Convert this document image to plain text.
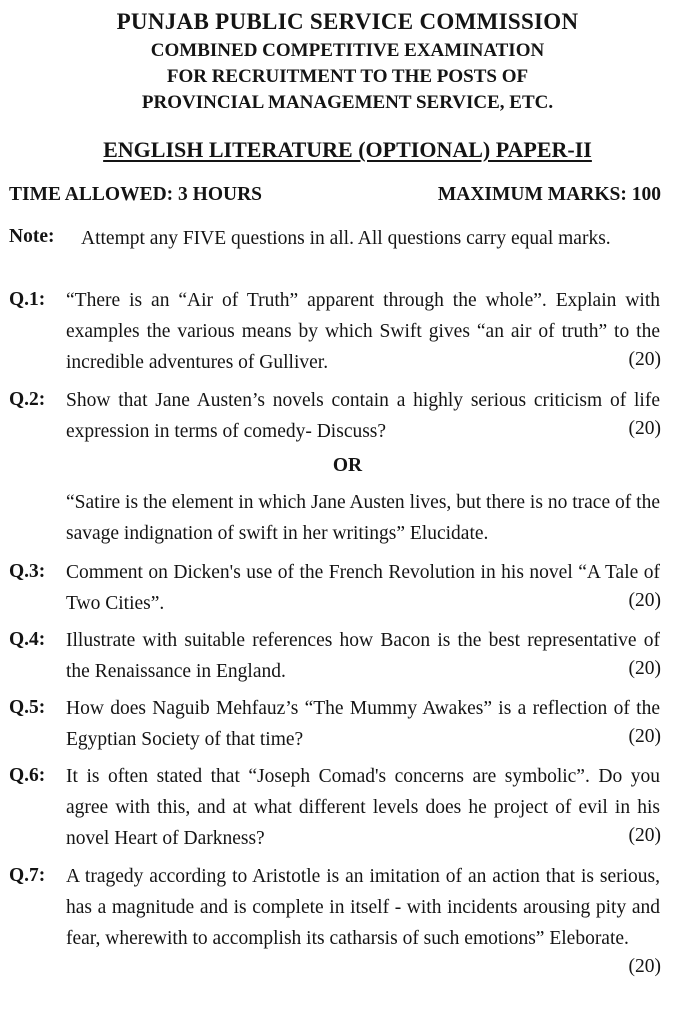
PUNJAB PUBLIC SERVICE COMMISSION
COMBINED COMPETITIVE EXAMINATION
FOR RECRUITMENT TO THE POSTS OF
PROVINCIAL MANAGEMENT SERVICE, ETC.
ENGLISH LITERATURE (OPTIONAL) PAPER-II
TIME ALLOWED: 3 HOURS	MAXIMUM MARKS: 100
Note: Attempt any FIVE questions in all. All questions carry equal marks.
Q.1: “There is an “Air of Truth” apparent through the whole”. Explain with examples the various means by which Swift gives “an air of truth” to the incredible adventures of Gulliver.	(20)
Q.2: Show that Jane Austen’s novels contain a highly serious criticism of life expression in terms of comedy- Discuss?	(20)
OR
“Satire is the element in which Jane Austen lives, but there is no trace of the savage indignation of swift in her writings” Elucidate.
Q.3: Comment on Dicken's use of the French Revolution in his novel “A Tale of Two Cities”.	(20)
Q.4: Illustrate with suitable references how Bacon is the best representative of the Renaissance in England.	(20)
Q.5: How does Naguib Mehfauz’s “The Mummy Awakes” is a reflection of the Egyptian Society of that time?	(20)
Q.6: It is often stated that “Joseph Comad's concerns are symbolic”. Do you agree with this, and at what different levels does he project of evil in his novel Heart of Darkness?	(20)
Q.7: A tragedy according to Aristotle is an imitation of an action that is serious, has a magnitude and is complete in itself - with incidents arousing pity and fear, wherewith to accomplish its catharsis of such emotions” Eleborate.
(20)
